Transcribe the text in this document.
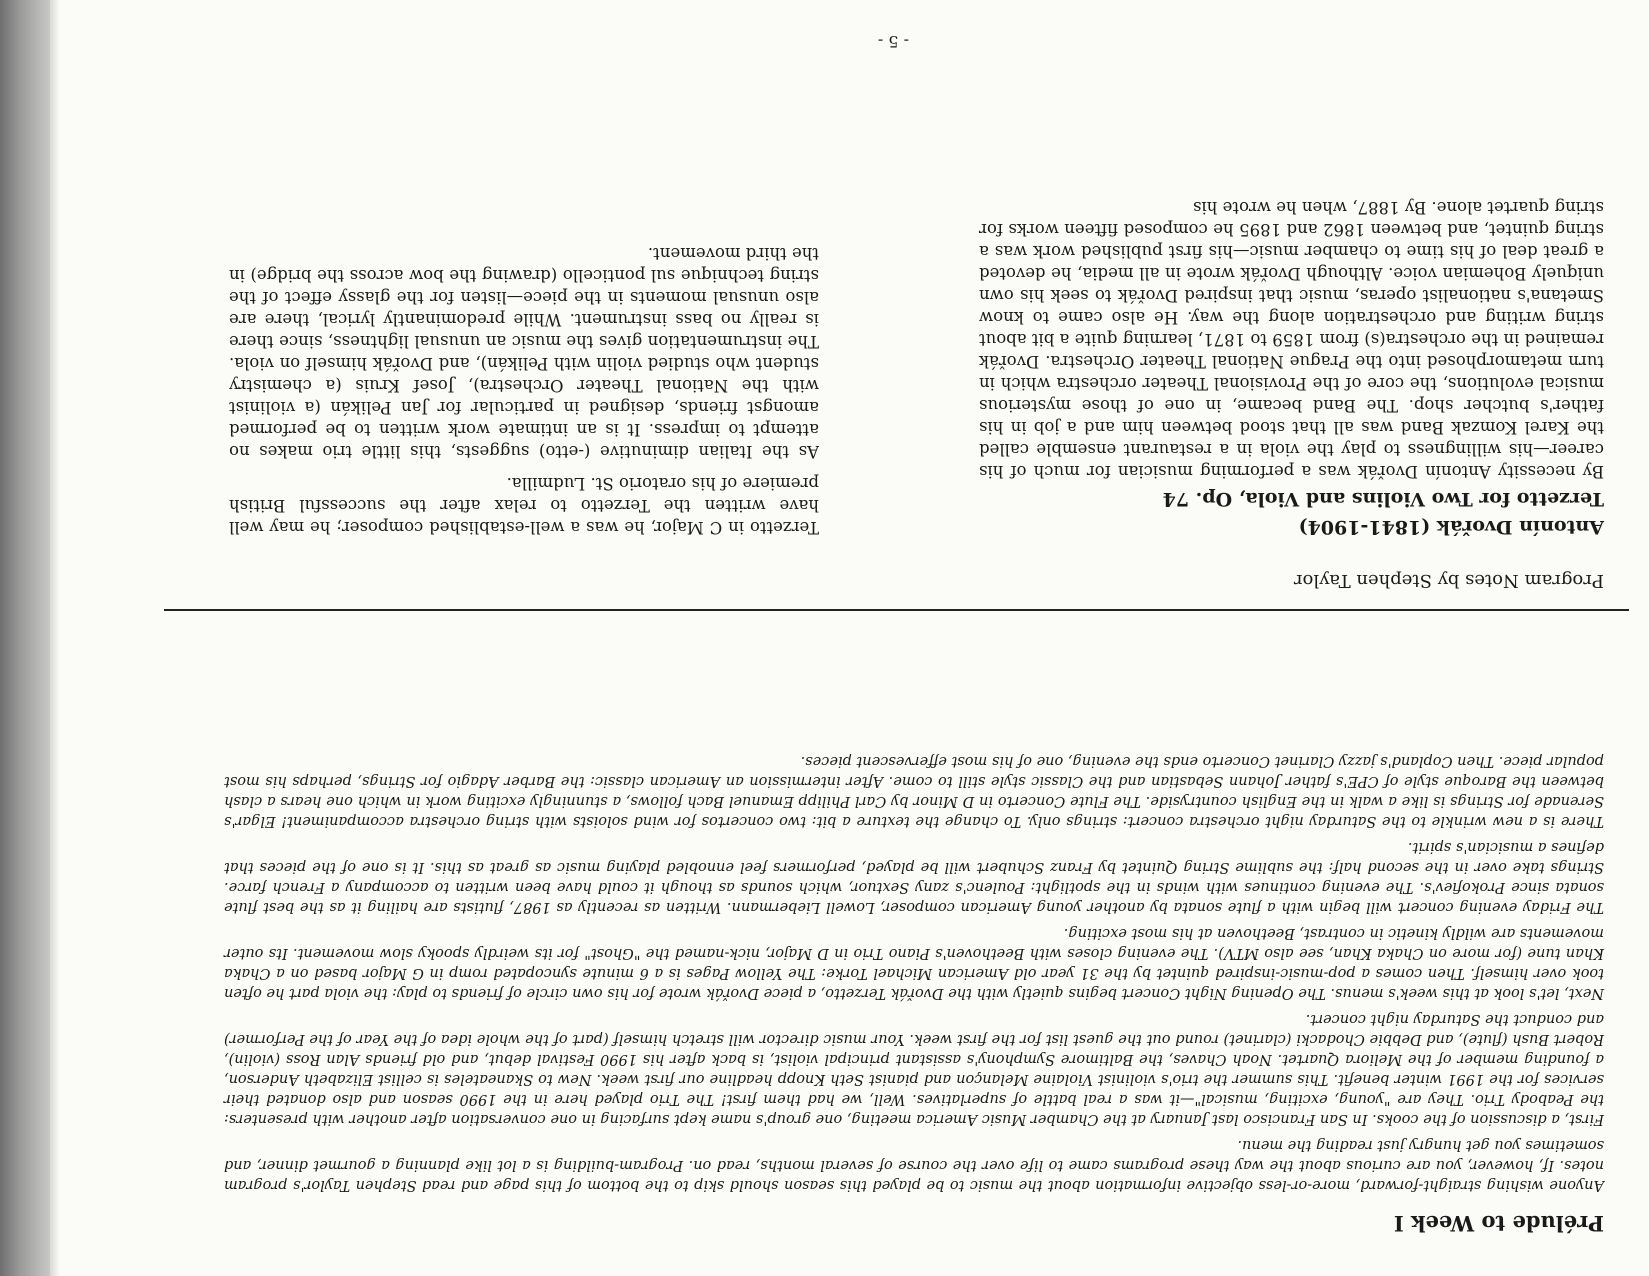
Prélude to Week I

Anyone wishing straight-forward, more-or-less objective information about the music to be played this season should skip to the bottom of this page and read Stephen Taylor's program notes. If, however, you are curious about the way these programs came to life over the course of several months, read on. Program-building is a lot like planning a gourmet dinner, and sometimes you get hungry just reading the menu.

First, a discussion of the cooks. In San Francisco last January at the Chamber Music America meeting, one group's name kept surfacing in one conversation after another with presenters: the Peabody Trio. They are "young, exciting, musical"—it was a real battle of superlatives. Well, we had them first! The Trio played here in the 1990 season and also donated their services for the 1991 winter benefit. This summer the trio's violinist Violaine Melançon and pianist Seth Knopp headline our first week. New to Skaneateles is cellist Elizabeth Anderson, a founding member of the Meliora Quartet. Noah Chaves, the Baltimore Symphony's assistant principal violist, is back after his 1990 Festival debut, and old friends Alan Ross (violin), Robert Bush (flute), and Debbie Chodacki (clarinet) round out the guest list for the first week. Your music director will stretch himself (part of the whole idea of the Year of the Performer) and conduct the Saturday night concert.

Next, let's look at this week's menus. The Opening Night Concert begins quietly with the Dvořák Terzetto, a piece Dvořák wrote for his own circle of friends to play: the viola part he often took over himself. Then comes a pop-music-inspired quintet by the 31 year old American Michael Torke: The Yellow Pages is a 6 minute syncopated romp in G Major based on a Chaka Khan tune (for more on Chaka Khan, see also MTV). The evening closes with Beethoven's Piano Trio in D Major, nick-named the "Ghost" for its weirdly spooky slow movement. Its outer movements are wildly kinetic in contrast, Beethoven at his most exciting.

The Friday evening concert will begin with a flute sonata by another young American composer, Lowell Liebermann. Written as recently as 1987, flutists are hailing it as the best flute sonata since Prokofiev's. The evening continues with winds in the spotlight: Poulenc's zany Sextuor, which sounds as though it could have been written to accompany a French farce. Strings take over in the second half: the sublime String Quintet by Franz Schubert will be played, performers feel ennobled playing music as great as this. It is one of the pieces that defines a musician's spirit.

There is a new wrinkle to the Saturday night orchestra concert: strings only. To change the texture a bit: two concertos for wind soloists with string orchestra accompaniment! Elgar's Serenade for Strings is like a walk in the English countryside. The Flute Concerto in D Minor by Carl Philipp Emanuel Bach follows, a stunningly exciting work in which one hears a clash between the Baroque style of CPE's father Johann Sebastian and the Classic style still to come. After intermission an American classic: the Barber Adagio for Strings, perhaps his most popular piece. Then Copland's jazzy Clarinet Concerto ends the evening, one of his most effervescent pieces.

Program Notes by Stephen Taylor

Antonín Dvořák (1841-1904)
Terzetto for Two Violins and Viola, Op. 74

By necessity Antonín Dvořák was a performing musician for much of his career—his willingness to play the viola in a restaurant ensemble called the Karel Komzak Band was all that stood between him and a job in his father's butcher shop. The Band became, in one of those mysterious musical evolutions, the core of the Provisional Theater orchestra which in turn metamorphosed into the Prague National Theater Orchestra. Dvořák remained in the orchestra(s) from 1859 to 1871, learning quite a bit about string writing and orchestration along the way. He also came to know Smetana's nationalist operas, music that inspired Dvořák to seek his own uniquely Bohemian voice. Although Dvořák wrote in all media, he devoted a great deal of his time to chamber music—his first published work was a string quintet, and between 1862 and 1895 he composed fifteen works for string quartet alone. By 1887, when he wrote his

Terzetto in C Major, he was a well-established composer; he may well have written the Terzetto to relax after the successful British premiere of his oratorio St. Ludmilla.

As the Italian diminutive (-etto) suggests, this little trio makes no attempt to impress. It is an intimate work written to be performed amongst friends, designed in particular for Jan Pelikán (a violinist with the National Theater Orchestra), Josef Kruis (a chemistry student who studied violin with Pelikán), and Dvořák himself on viola. The instrumentation gives the music an unusual lightness, since there is really no bass instrument. While predominantly lyrical, there are also unusual moments in the piece—listen for the glassy effect of the string technique sul ponticello (drawing the bow across the bridge) in the third movement.

- 5 -
